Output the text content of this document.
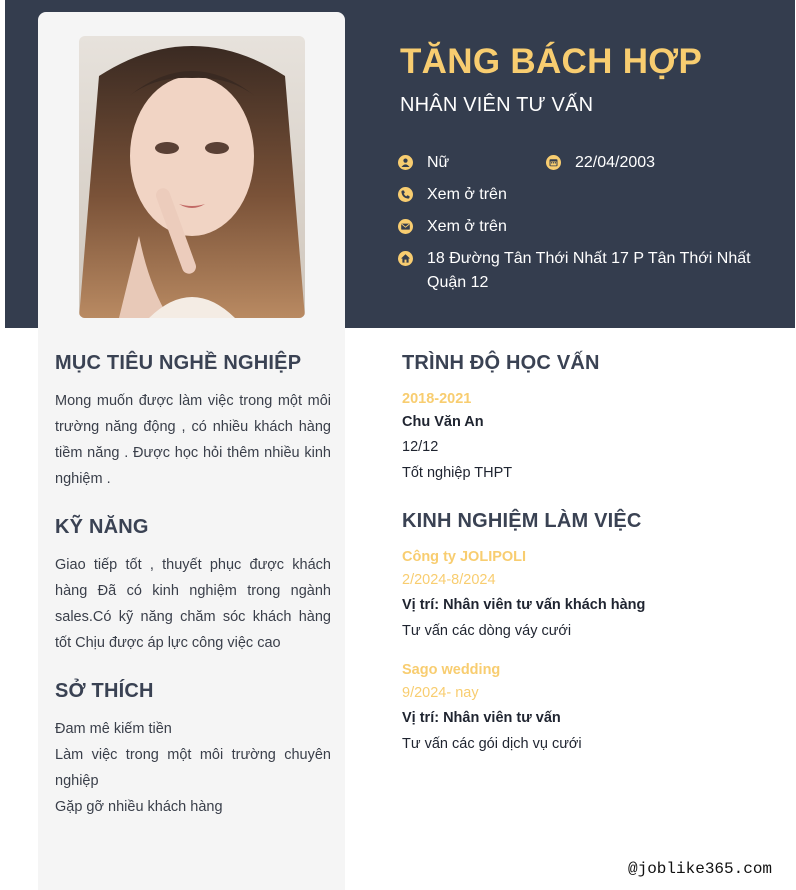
TĂNG BÁCH HỢP
NHÂN VIÊN TƯ VẤN
Nữ	22/04/2003
Xem ở trên
Xem ở trên
18 Đường Tân Thới Nhất 17 P Tân Thới Nhất Quận 12
MỤC TIÊU NGHỀ NGHIỆP
Mong muốn được làm việc trong một môi trường năng động , có nhiều khách hàng tiềm năng . Được học hỏi thêm nhiều kinh nghiệm .
KỸ NĂNG
Giao tiếp tốt , thuyết phục được khách hàng Đã có kinh nghiệm trong ngành sales.Có kỹ năng chăm sóc khách hàng tốt Chịu được áp lực công việc cao
SỞ THÍCH
Đam mê kiếm tiền
Làm việc trong một môi trường chuyên nghiệp
Gặp gỡ nhiều khách hàng
TRÌNH ĐỘ HỌC VẤN
2018-2021
Chu Văn An
12/12
Tốt nghiệp THPT
KINH NGHIỆM LÀM VIỆC
Công ty JOLIPOLI
2/2024-8/2024
Vị trí: Nhân viên tư vấn khách hàng
Tư vấn các dòng váy cưới
Sago wedding
9/2024- nay
Vị trí: Nhân viên tư vấn
Tư vấn các gói dịch vụ cưới
@joblike365.com
